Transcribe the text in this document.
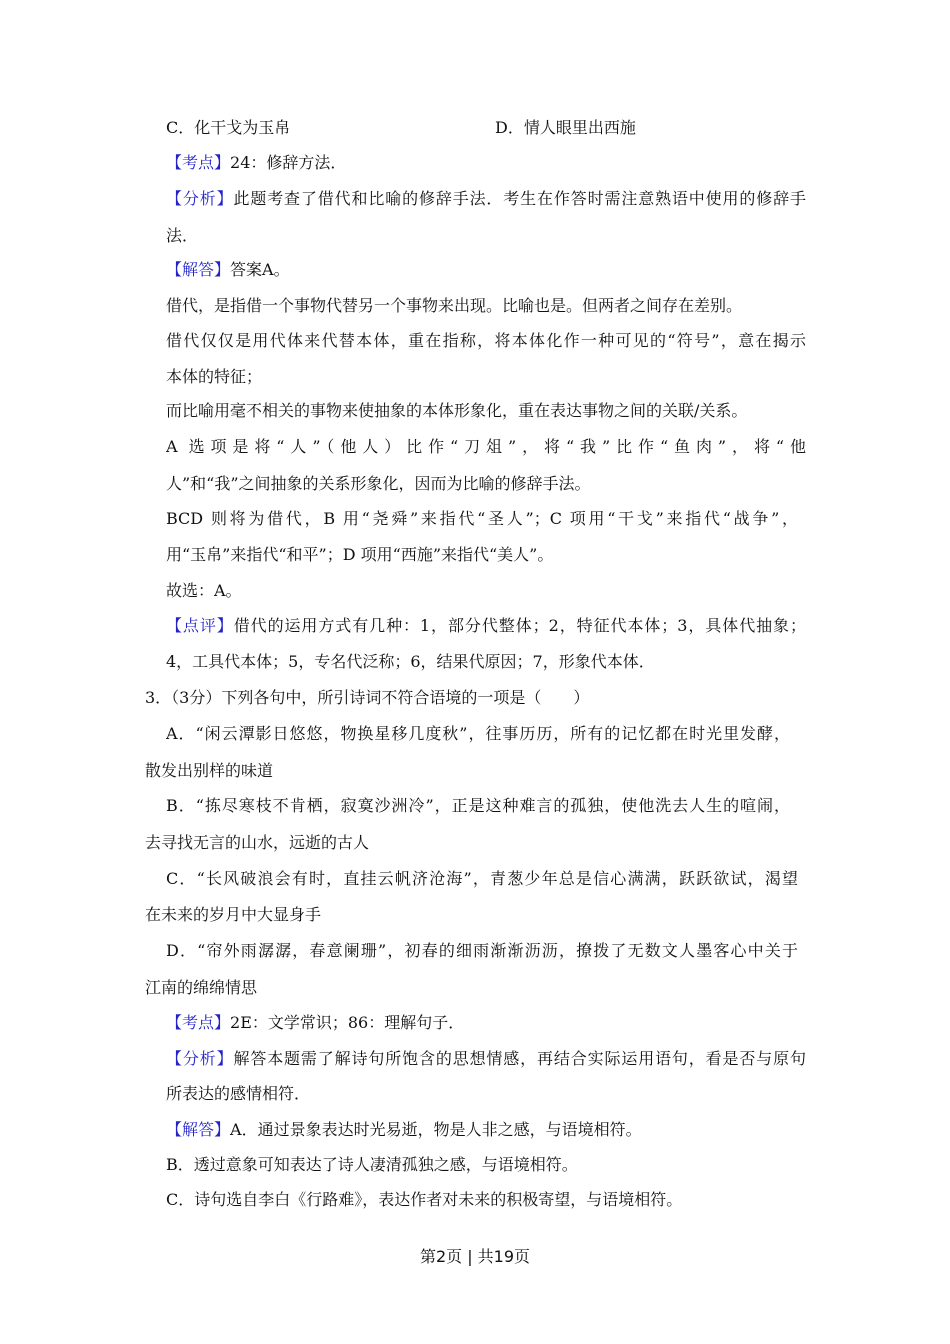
C．化干戈为玉帛	D．情人眼里出西施
【考点】24：修辞方法．
【分析】此题考查了借代和比喻的修辞手法．考生在作答时需注意熟语中使用的修辞手
法．
【解答】答案A。
借代，是指借一个事物代替另一个事物来出现。比喻也是。但两者之间存在差别。
借代仅仅是用代体来代替本体，重在指称，将本体化作一种可见的“符号”，意在揭示
本体的特征；
而比喻用毫不相关的事物来使抽象的本体形象化，重在表达事物之间的关联/关系。
A 选项是将“人”（他人）比作“刀俎”，将“我”比作“鱼肉”，将“他
人”和“我”之间抽象的关系形象化，因而为比喻的修辞手法。
BCD 则将为借代，B 用“尧舜”来指代“圣人”；C 项用“干戈”来指代“战争”，
用“玉帛”来指代“和平”；D 项用“西施”来指代“美人”。
故选：A。
【点评】借代的运用方式有几种：1，部分代整体；2，特征代本体；3，具体代抽象；
4，工具代本体；5，专名代泛称；6，结果代原因；7，形象代本体．
3．（3分）下列各句中，所引诗词不符合语境的一项是（　　）
A．“闲云潭影日悠悠，物换星移几度秋”，往事历历，所有的记忆都在时光里发酵，
散发出别样的味道
B．“拣尽寒枝不肯栖，寂寞沙洲冷”，正是这种难言的孤独，使他洗去人生的喧闹，
去寻找无言的山水，远逝的古人
C．“长风破浪会有时，直挂云帆济沧海”，青葱少年总是信心满满，跃跃欲试，渴望
在未来的岁月中大显身手
D．“帘外雨潺潺，春意阑珊”，初春的细雨渐渐沥沥，撩拨了无数文人墨客心中关于
江南的绵绵情思
【考点】2E：文学常识；86：理解句子．
【分析】解答本题需了解诗句所饱含的思想情感，再结合实际运用语句，看是否与原句
所表达的感情相符．
【解答】A．通过景象表达时光易逝，物是人非之感，与语境相符。
B．透过意象可知表达了诗人凄清孤独之感，与语境相符。
C．诗句选自李白《行路难》，表达作者对未来的积极寄望，与语境相符。
第2页 | 共19页
